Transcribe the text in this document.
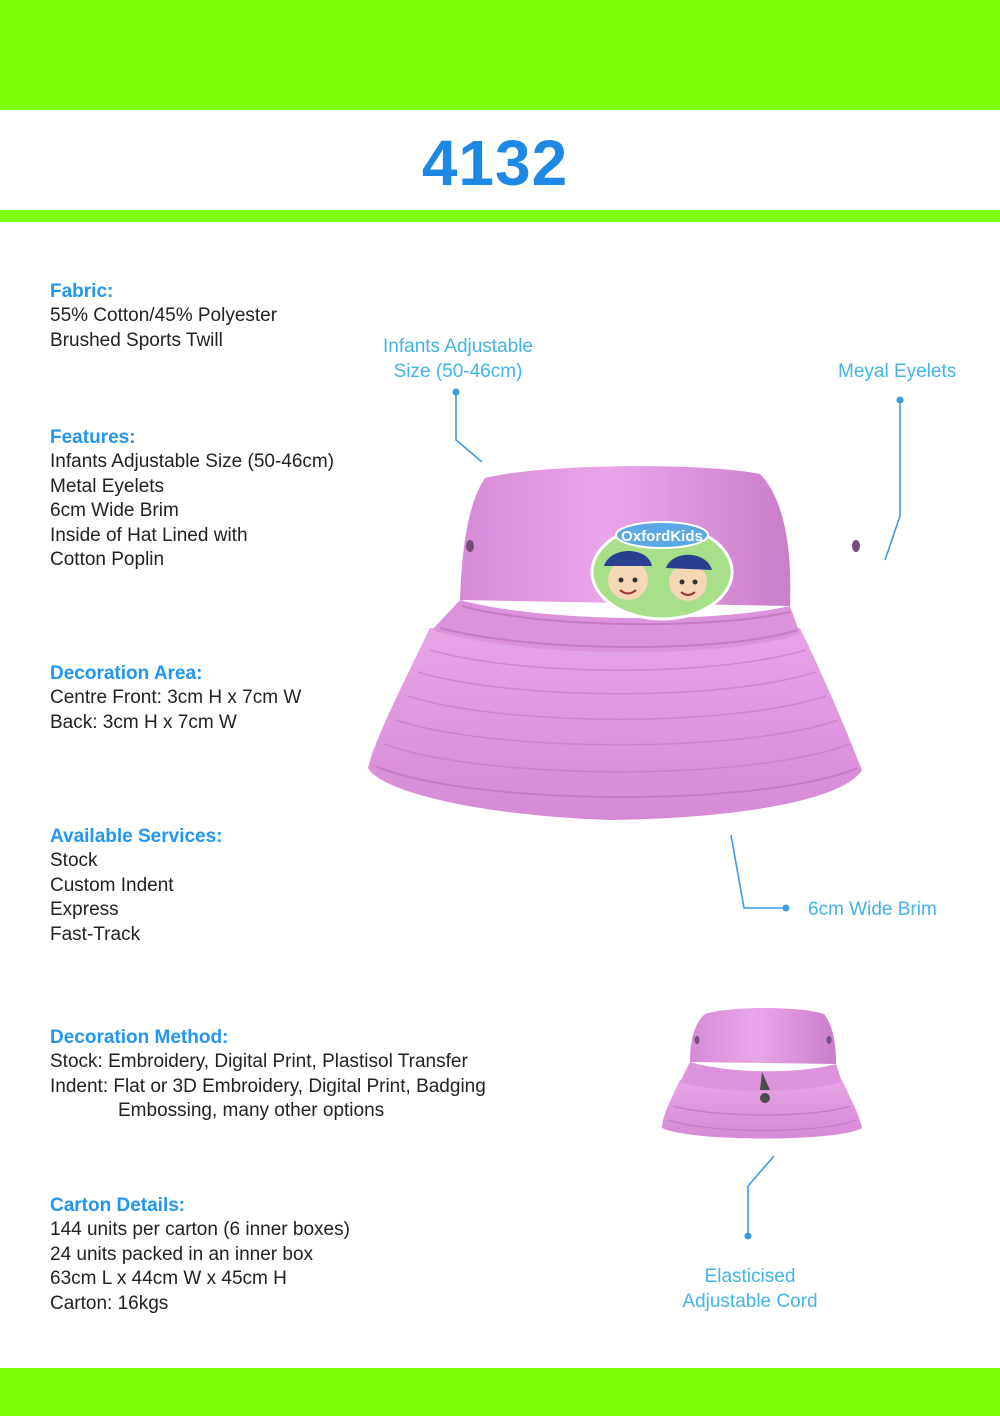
4132
Fabric:
55% Cotton/45% Polyester
Brushed Sports Twill
Features:
Infants Adjustable Size (50-46cm)
Metal Eyelets
6cm Wide Brim
Inside of Hat Lined with
Cotton Poplin
Decoration Area:
Centre Front: 3cm H x 7cm W
Back: 3cm H x 7cm W
Available Services:
Stock
Custom Indent
Express
Fast-Track
Decoration Method:
Stock: Embroidery, Digital Print, Plastisol Transfer
Indent: Flat or 3D Embroidery, Digital Print, Badging
Embossing, many other options
Carton Details:
144 units per carton (6 inner boxes)
24 units packed in an inner box
63cm L x 44cm W x 45cm H
Carton: 16kgs
Infants Adjustable
Size (50-46cm)	Meyal Eyelets
6cm Wide Brim
Elasticised
Adjustable Cord
OxfordKids
